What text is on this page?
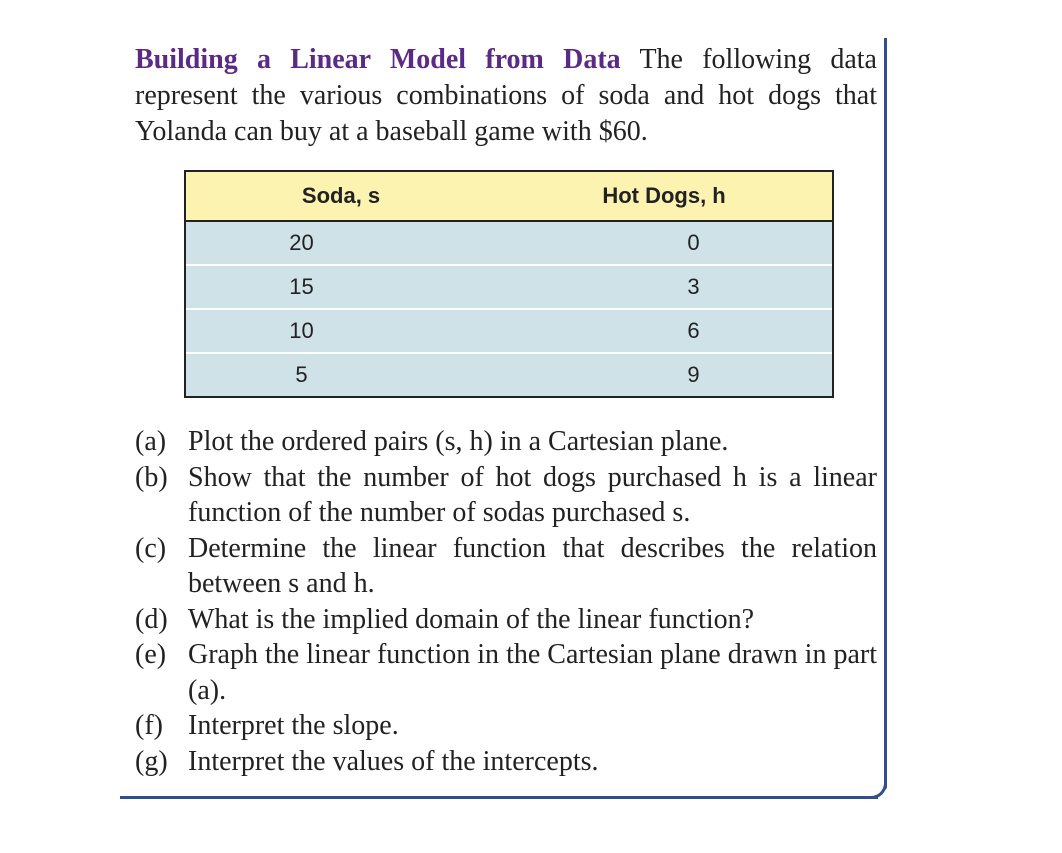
Building a Linear Model from Data The following data represent the various combinations of soda and hot dogs that Yolanda can buy at a baseball game with $60.
Soda, s	Hot Dogs, h
20	0
15	3
10	6
5	9
(a) Plot the ordered pairs (s, h) in a Cartesian plane.
(b) Show that the number of hot dogs purchased h is a linear function of the number of sodas purchased s.
(c) Determine the linear function that describes the relation between s and h.
(d) What is the implied domain of the linear function?
(e) Graph the linear function in the Cartesian plane drawn in part (a).
(f) Interpret the slope.
(g) Interpret the values of the intercepts.
